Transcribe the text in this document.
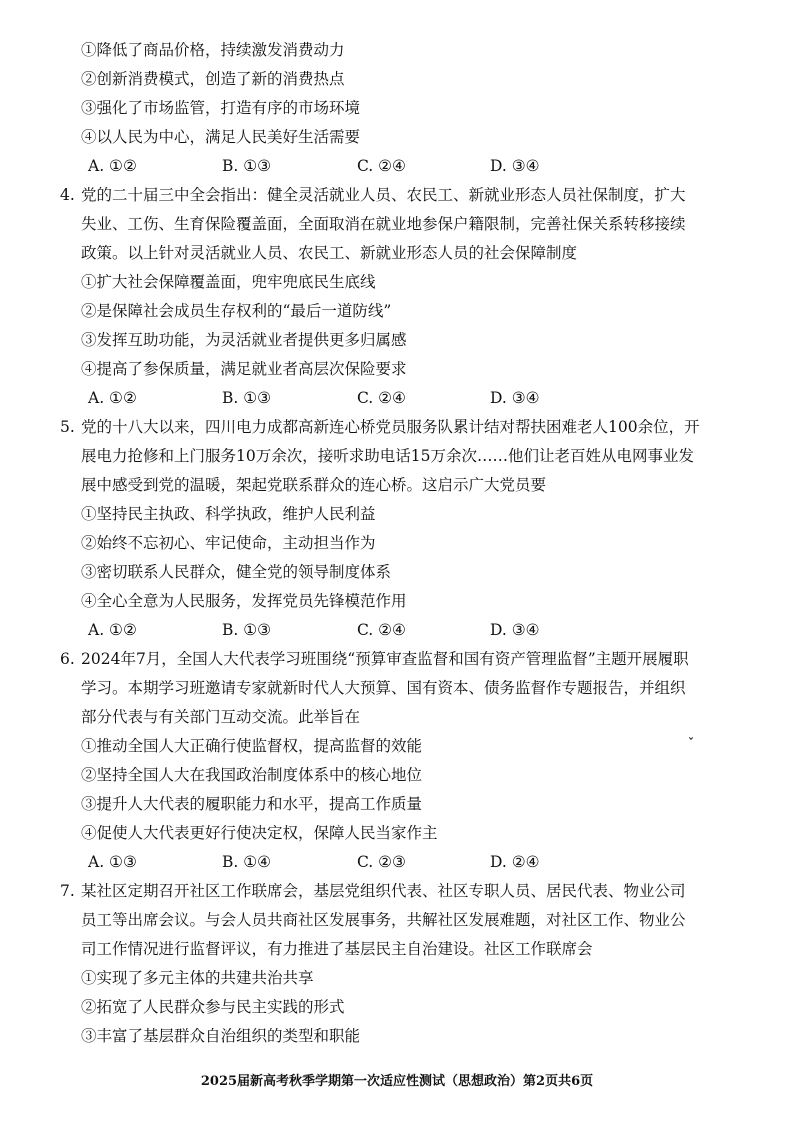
①降低了商品价格，持续激发消费动力
②创新消费模式，创造了新的消费热点
③强化了市场监管，打造有序的市场环境
④以人民为中心，满足人民美好生活需要
A. ①②	B. ①③	C. ②④	D. ③④
4. 党的二十届三中全会指出：健全灵活就业人员、农民工、新就业形态人员社保制度，扩大
失业、工伤、生育保险覆盖面，全面取消在就业地参保户籍限制，完善社保关系转移接续
政策。以上针对灵活就业人员、农民工、新就业形态人员的社会保障制度
①扩大社会保障覆盖面，兜牢兜底民生底线
②是保障社会成员生存权利的“最后一道防线”
③发挥互助功能，为灵活就业者提供更多归属感
④提高了参保质量，满足就业者高层次保险要求
A. ①②	B. ①③	C. ②④	D. ③④
5. 党的十八大以来，四川电力成都高新连心桥党员服务队累计结对帮扶困难老人100余位，开
展电力抢修和上门服务10万余次，接听求助电话15万余次……他们让老百姓从电网事业发
展中感受到党的温暖，架起党联系群众的连心桥。这启示广大党员要
①坚持民主执政、科学执政，维护人民利益
②始终不忘初心、牢记使命，主动担当作为
③密切联系人民群众，健全党的领导制度体系
④全心全意为人民服务，发挥党员先锋模范作用
A. ①②	B. ①③	C. ②④	D. ③④
6. 2024年7月，全国人大代表学习班围绕“预算审查监督和国有资产管理监督”主题开展履职
学习。本期学习班邀请专家就新时代人大预算、国有资本、债务监督作专题报告，并组织
部分代表与有关部门互动交流。此举旨在
①推动全国人大正确行使监督权，提高监督的效能
②坚持全国人大在我国政治制度体系中的核心地位
③提升人大代表的履职能力和水平，提高工作质量
④促使人大代表更好行使决定权，保障人民当家作主
A. ①③	B. ①④	C. ②③	D. ②④
ˇ
7. 某社区定期召开社区工作联席会，基层党组织代表、社区专职人员、居民代表、物业公司
员工等出席会议。与会人员共商社区发展事务，共解社区发展难题，对社区工作、物业公
司工作情况进行监督评议，有力推进了基层民主自治建设。社区工作联席会
①实现了多元主体的共建共治共享
②拓宽了人民群众参与民主实践的形式
③丰富了基层群众自治组织的类型和职能
2025届新高考秋季学期第一次适应性测试（思想政治）第2页共6页
